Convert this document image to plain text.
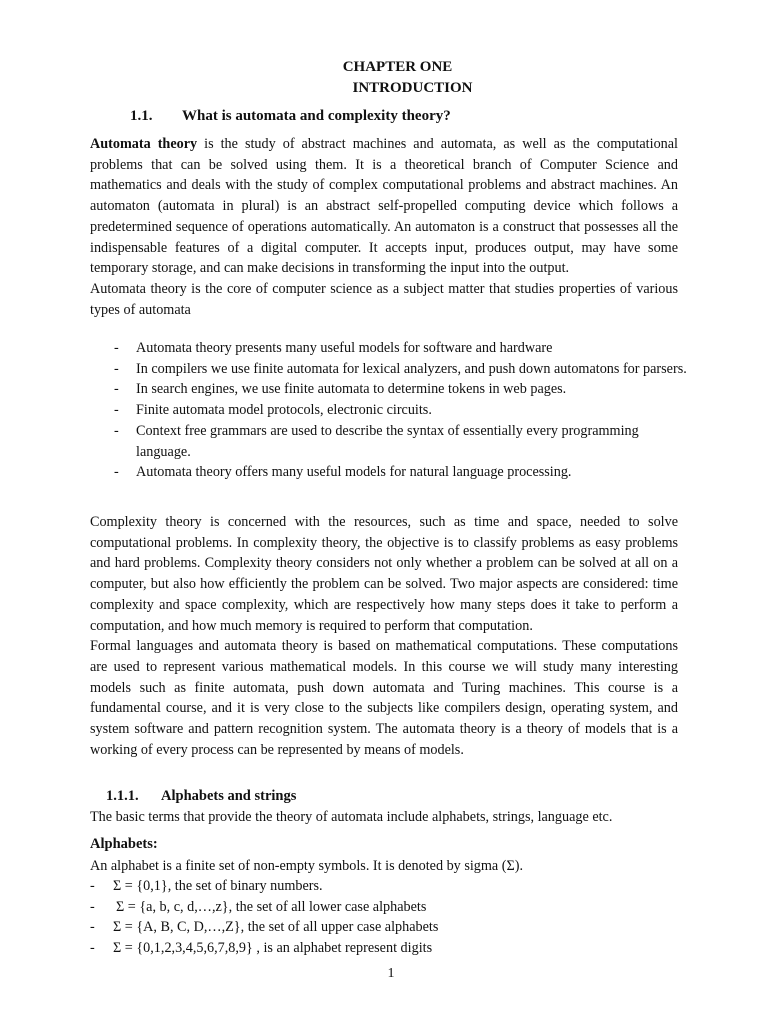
CHAPTER ONE
INTRODUCTION
1.1. What is automata and complexity theory?

Automata theory is the study of abstract machines and automata, as well as the computational problems that can be solved using them. It is a theoretical branch of Computer Science and mathematics and deals with the study of complex computational problems and abstract machines. An automaton (automata in plural) is an abstract self-propelled computing device which follows a predetermined sequence of operations automatically. An automaton is a construct that possesses all the indispensable features of a digital computer. It accepts input, produces output, may have some temporary storage, and can make decisions in transforming the input into the output.

Automata theory is the core of computer science as a subject matter that studies properties of various types of automata

- Automata theory presents many useful models for software and hardware
- In compilers we use finite automata for lexical analyzers, and push down automatons for parsers.
- In search engines, we use finite automata to determine tokens in web pages.
- Finite automata model protocols, electronic circuits.
- Context free grammars are used to describe the syntax of essentially every programming language.
- Automata theory offers many useful models for natural language processing.

Complexity theory is concerned with the resources, such as time and space, needed to solve computational problems. In complexity theory, the objective is to classify problems as easy problems and hard problems. Complexity theory considers not only whether a problem can be solved at all on a computer, but also how efficiently the problem can be solved. Two major aspects are considered: time complexity and space complexity, which are respectively how many steps does it take to perform a computation, and how much memory is required to perform that computation.

Formal languages and automata theory is based on mathematical computations. These computations are used to represent various mathematical models. In this course we will study many interesting models such as finite automata, push down automata and Turing machines. This course is a fundamental course, and it is very close to the subjects like compilers design, operating system, and system software and pattern recognition system. The automata theory is a theory of models that is a working of every process can be represented by means of models.

1.1.1. Alphabets and strings
The basic terms that provide the theory of automata include alphabets, strings, language etc.
Alphabets:
An alphabet is a finite set of non-empty symbols. It is denoted by sigma (Σ).
- Σ = {0,1}, the set of binary numbers.
- Σ = {a, b, c, d,…,z}, the set of all lower case alphabets
- Σ = {A, B, C, D,…,Z}, the set of all upper case alphabets
- Σ = {0,1,2,3,4,5,6,7,8,9} , is an alphabet represent digits
1
